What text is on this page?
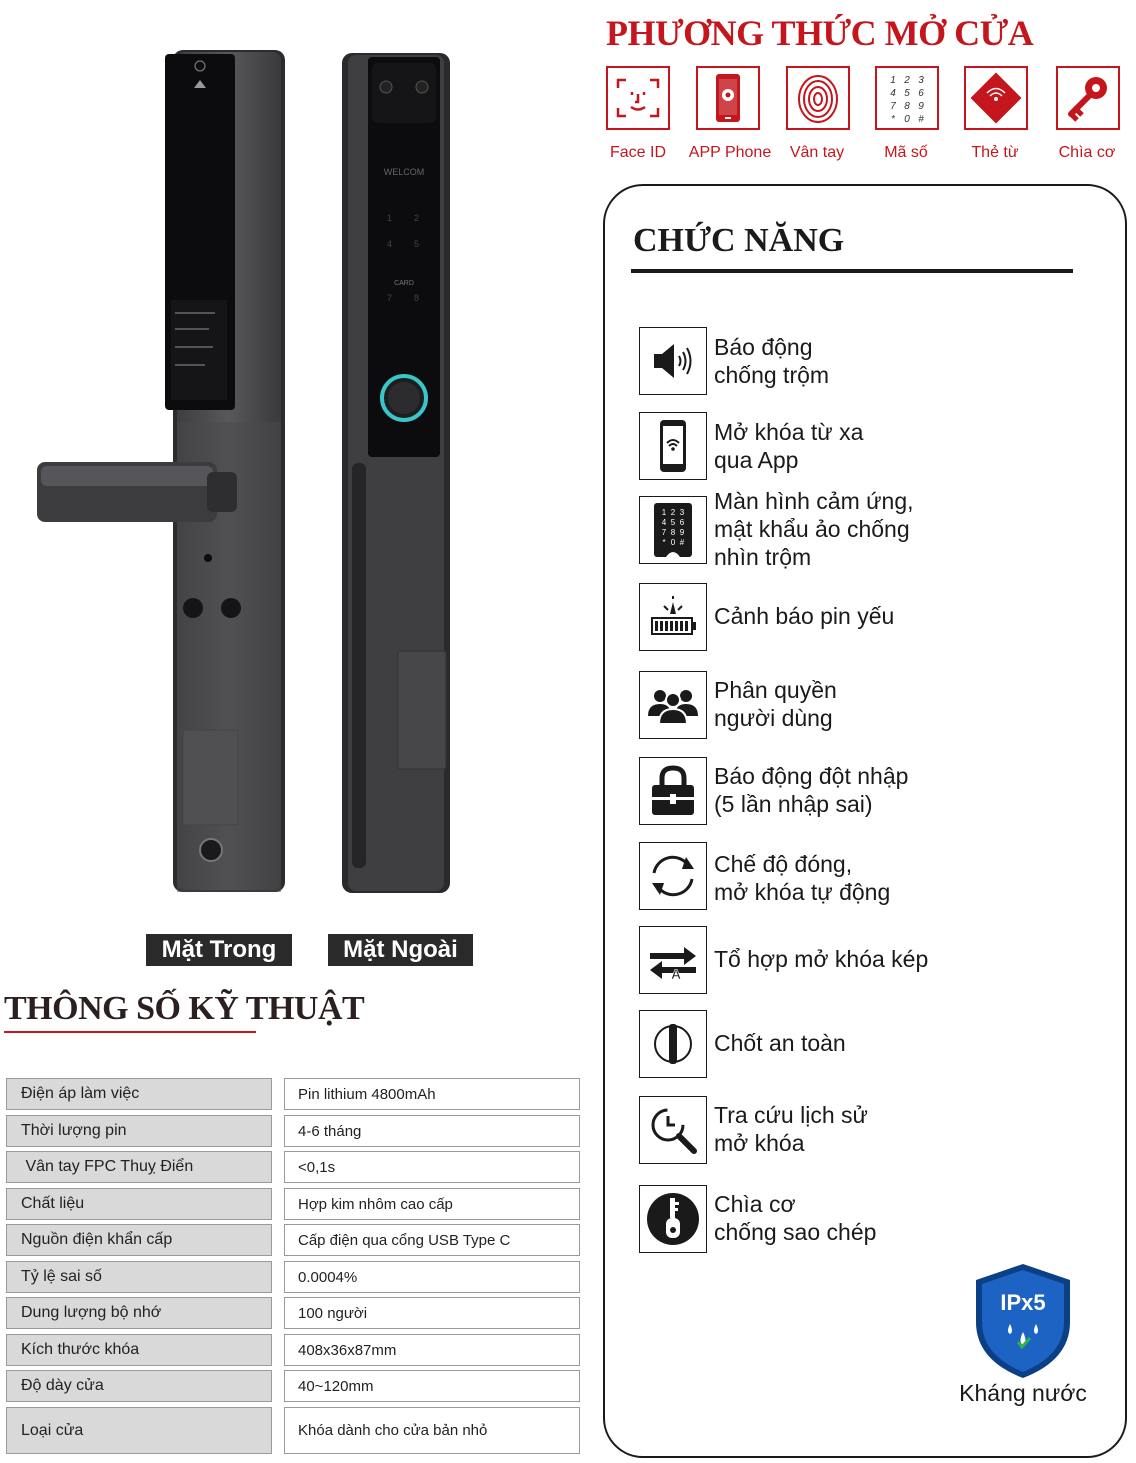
WELCOM
1 2
4 5
7 8
CARD
Mặt Trong	Mặt Ngoài
THÔNG SỐ KỸ THUẬT
Điện áp làm việc	Pin lithium 4800mAh
Thời lượng pin	4-6 tháng
Vân tay FPC Thuỵ Điển	<0,1s
Chất liệu	Hợp kim nhôm cao cấp
Nguồn điện khẩn cấp	Cấp điện qua cổng USB Type C
Tỷ lệ sai số	0.0004%
Dung lượng bộ nhớ	100 người
Kích thước khóa	408x36x87mm
Độ dày cửa	40~120mm
Loại cửa	Khóa dành cho cửa bản nhỏ
PHƯƠNG THỨC MỞ CỬA
1 2 3
4 5 6
7 8 9
* 0 #
Face ID	APP Phone	Vân tay	Mã số	Thẻ từ	Chìa cơ
CHỨC NĂNG
Báo động
chống trộm
Mở khóa từ xa
qua App
1 2 3
4 5 6
7 8 9
* 0 #
Màn hình cảm ứng,
mật khẩu ảo chống
nhìn trộm
Cảnh báo pin yếu
Phân quyền
người dùng
Báo động đột nhập
(5 lần nhập sai)
Chế độ đóng,
mở khóa tự động
A
Tổ hợp mở khóa kép
Chốt an toàn
Tra cứu lịch sử
mở khóa
Chìa cơ
chống sao chép
IPx5
Kháng nước
